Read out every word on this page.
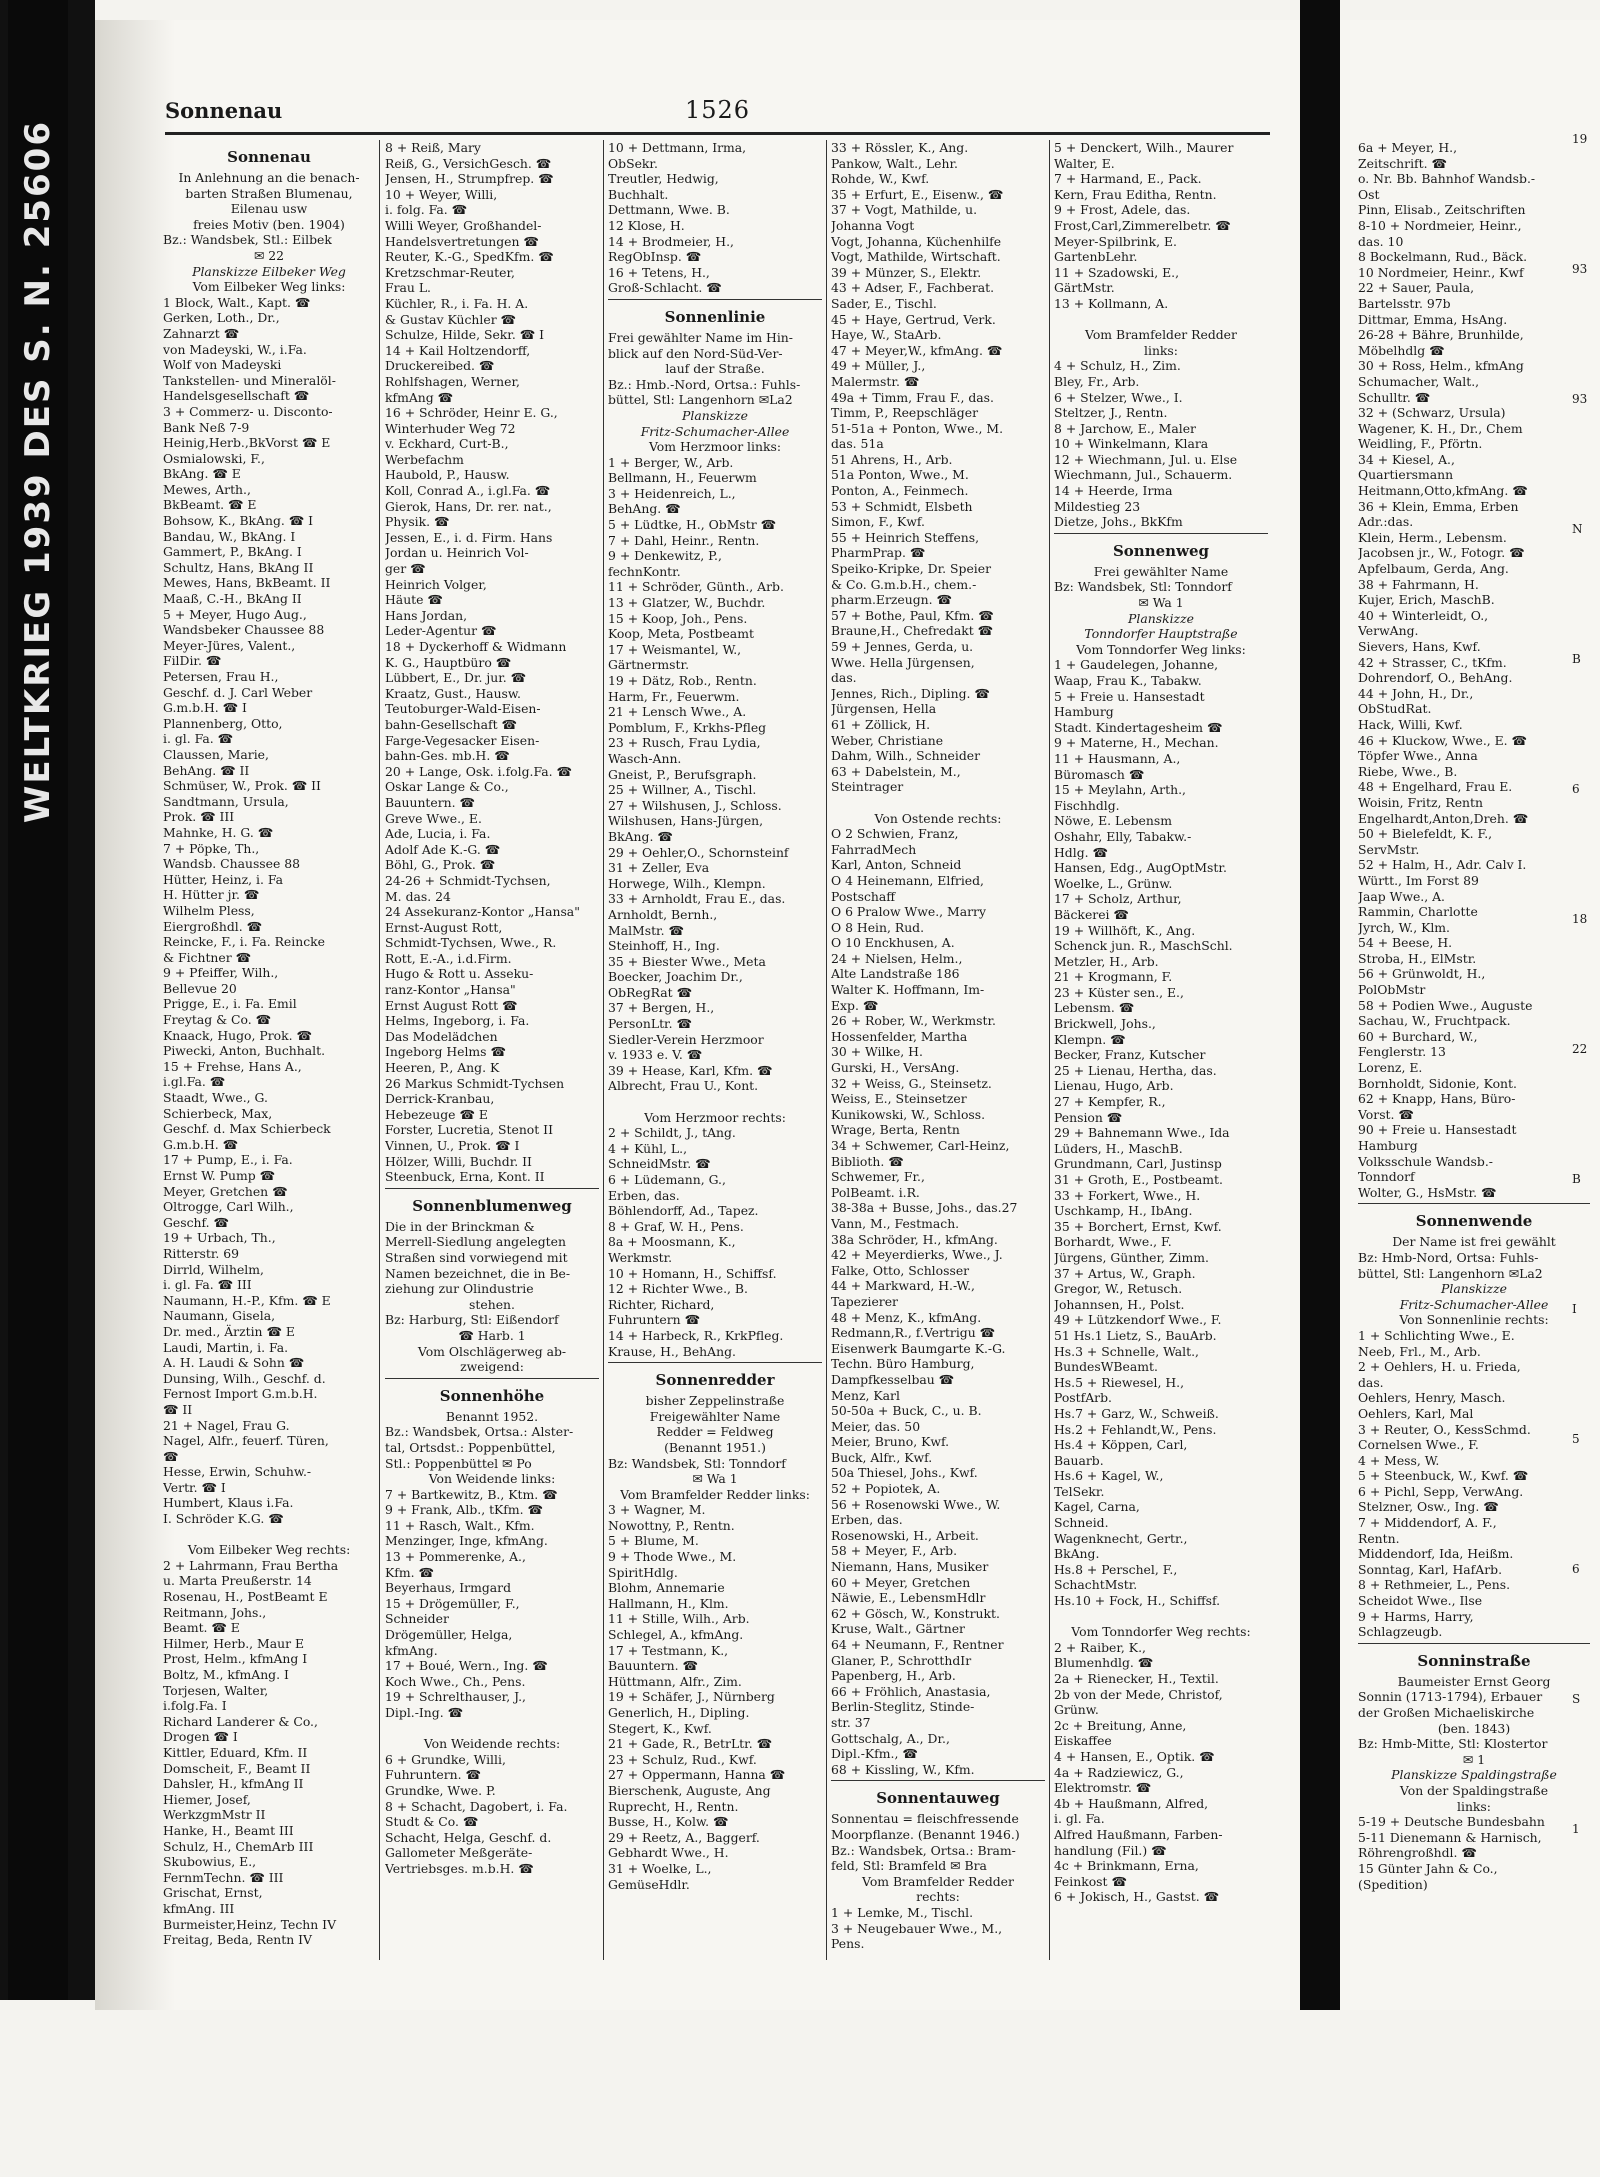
WELTKRIEG 1939 DES S. N. 25606	19
93
93
N
B
6
18
22
B
I
5
6
S
1
Sonnenau	1526
Sonnenau
In Anlehnung an die benach-
barten Straßen Blumenau,
Eilenau usw
freies Motiv (ben. 1904)
Bz.: Wandsbek, Stl.: Eilbek
✉ 22
Planskizze Eilbeker Weg
Vom Eilbeker Weg links:
1 Block, Walt., Kapt. ☎
Gerken, Loth., Dr.,
Zahnarzt ☎
von Madeyski, W., i.Fa.
Wolf von Madeyski
Tankstellen- und Mineralöl-
Handelsgesellschaft ☎
3 + Commerz- u. Disconto-
Bank Neß 7-9
Heinig,Herb.,BkVorst ☎ E
Osmialowski, F.,
BkAng. ☎ E
Mewes, Arth.,
BkBeamt. ☎ E
Bohsow, K., BkAng. ☎ I
Bandau, W., BkAng. I
Gammert, P., BkAng. I
Schultz, Hans, BkAng II
Mewes, Hans, BkBeamt. II
Maaß, C.-H., BkAng II
5 + Meyer, Hugo Aug.,
Wandsbeker Chaussee 88
Meyer-Jüres, Valent.,
FilDir. ☎
Petersen, Frau H.,
Geschf. d. J. Carl Weber
G.m.b.H. ☎ I
Plannenberg, Otto,
i. gl. Fa. ☎
Claussen, Marie,
BehAng. ☎ II
Schmüser, W., Prok. ☎ II
Sandtmann, Ursula,
Prok. ☎ III
Mahnke, H. G. ☎
7 + Pöpke, Th.,
Wandsb. Chaussee 88
Hütter, Heinz, i. Fa
H. Hütter jr. ☎
Wilhelm Pless,
Eiergroßhdl. ☎
Reincke, F., i. Fa. Reincke
& Fichtner ☎
9 + Pfeiffer, Wilh.,
Bellevue 20
Prigge, E., i. Fa. Emil
Freytag & Co. ☎
Knaack, Hugo, Prok. ☎
Piwecki, Anton, Buchhalt.
15 + Frehse, Hans A.,
i.gl.Fa. ☎
Staadt, Wwe., G.
Schierbeck, Max,
Geschf. d. Max Schierbeck
G.m.b.H. ☎
17 + Pump, E., i. Fa.
Ernst W. Pump ☎
Meyer, Gretchen ☎
Oltrogge, Carl Wilh.,
Geschf. ☎
19 + Urbach, Th.,
Ritterstr. 69
Dirrld, Wilhelm,
i. gl. Fa. ☎ III
Naumann, H.-P., Kfm. ☎ E
Naumann, Gisela,
Dr. med., Ärztin ☎ E
Laudi, Martin, i. Fa.
A. H. Laudi & Sohn ☎
Dunsing, Wilh., Geschf. d.
Fernost Import G.m.b.H.
☎ II
21 + Nagel, Frau G.
Nagel, Alfr., feuerf. Türen,
☎
Hesse, Erwin, Schuhw.-
Vertr. ☎ I
Humbert, Klaus i.Fa.
I. Schröder K.G. ☎

Vom Eilbeker Weg rechts:
2 + Lahrmann, Frau Bertha
u. Marta Preußerstr. 14
Rosenau, H., PostBeamt E
Reitmann, Johs.,
Beamt. ☎ E
Hilmer, Herb., Maur E
Prost, Helm., kfmAng I
Boltz, M., kfmAng. I
Torjesen, Walter,
i.folg.Fa. I
Richard Landerer & Co.,
Drogen ☎ I
Kittler, Eduard, Kfm. II
Domscheit, F., Beamt II
Dahsler, H., kfmAng II
Hiemer, Josef,
WerkzgmMstr II
Hanke, H., Beamt III
Schulz, H., ChemArb III
Skubowius, E.,
FernmTechn. ☎ III
Grischat, Ernst,
kfmAng. III
Burmeister,Heinz, Techn IV
Freitag, Beda, Rentn IV
8 + Reiß, Mary
Reiß, G., VersichGesch. ☎
Jensen, H., Strumpfrep. ☎
10 + Weyer, Willi,
i. folg. Fa. ☎
Willi Weyer, Großhandel-
Handelsvertretungen ☎
Reuter, K.-G., SpedKfm. ☎
Kretzschmar-Reuter,
Frau L.
Küchler, R., i. Fa. H. A.
& Gustav Küchler ☎
Schulze, Hilde, Sekr. ☎ I
14 + Kail Holtzendorff,
Druckereibed. ☎
Rohlfshagen, Werner,
kfmAng ☎
16 + Schröder, Heinr E. G.,
Winterhuder Weg 72
v. Eckhard, Curt-B.,
Werbefachm
Haubold, P., Hausw.
Koll, Conrad A., i.gl.Fa. ☎
Gierok, Hans, Dr. rer. nat.,
Physik. ☎
Jessen, E., i. d. Firm. Hans
Jordan u. Heinrich Vol-
ger ☎
Heinrich Volger,
Häute ☎
Hans Jordan,
Leder-Agentur ☎
18 + Dyckerhoff & Widmann
K. G., Hauptbüro ☎
Lübbert, E., Dr. jur. ☎
Kraatz, Gust., Hausw.
Teutoburger-Wald-Eisen-
bahn-Gesellschaft ☎
Farge-Vegesacker Eisen-
bahn-Ges. mb.H. ☎
20 + Lange, Osk. i.folg.Fa. ☎
Oskar Lange & Co.,
Bauuntern. ☎
Greve Wwe., E.
Ade, Lucia, i. Fa.
Adolf Ade K.-G. ☎
Böhl, G., Prok. ☎
24-26 + Schmidt-Tychsen,
M. das. 24
24 Assekuranz-Kontor „Hansa"
Ernst-August Rott,
Schmidt-Tychsen, Wwe., R.
Rott, E.-A., i.d.Firm.
Hugo & Rott u. Asseku-
ranz-Kontor „Hansa"
Ernst August Rott ☎
Helms, Ingeborg, i. Fa.
Das Modelädchen
Ingeborg Helms ☎
Heeren, P., Ang. K
26 Markus Schmidt-Tychsen
Derrick-Kranbau,
Hebezeuge ☎ E
Forster, Lucretia, Stenot II
Vinnen, U., Prok. ☎ I
Hölzer, Willi, Buchdr. II
Steenbuck, Erna, Kont. II
Sonnenblumenweg
Die in der Brinckman &
Merrell-Siedlung angelegten
Straßen sind vorwiegend mit
Namen bezeichnet, die in Be-
ziehung zur Olindustrie
stehen.
Bz: Harburg, Stl: Eißendorf
☎ Harb. 1
Vom Olschlägerweg ab-
zweigend:
Sonnenhöhe
Benannt 1952.
Bz.: Wandsbek, Ortsa.: Alster-
tal, Ortsdst.: Poppenbüttel,
Stl.: Poppenbüttel ✉ Po
Von Weidende links:
7 + Bartkewitz, B., Ktm. ☎
9 + Frank, Alb., tKfm. ☎
11 + Rasch, Walt., Kfm.
Menzinger, Inge, kfmAng.
13 + Pommerenke, A.,
Kfm. ☎
Beyerhaus, Irmgard
15 + Drögemüller, F.,
Schneider
Drögemüller, Helga,
kfmAng.
17 + Boué, Wern., Ing. ☎
Koch Wwe., Ch., Pens.
19 + Schrelthauser, J.,
Dipl.-Ing. ☎

Von Weidende rechts:
6 + Grundke, Willi,
Fuhruntern. ☎
Grundke, Wwe. P.
8 + Schacht, Dagobert, i. Fa.
Studt & Co. ☎
Schacht, Helga, Geschf. d.
Gallometer Meßgeräte-
Vertriebsges. m.b.H. ☎
10 + Dettmann, Irma,
ObSekr.
Treutler, Hedwig,
Buchhalt.
Dettmann, Wwe. B.
12 Klose, H.
14 + Brodmeier, H.,
RegObInsp. ☎
16 + Tetens, H.,
Groß-Schlacht. ☎
Sonnenlinie
Frei gewählter Name im Hin-
blick auf den Nord-Süd-Ver-
lauf der Straße.
Bz.: Hmb.-Nord, Ortsa.: Fuhls-
büttel, Stl: Langenhorn ✉La2
Planskizze
Fritz-Schumacher-Allee
Vom Herzmoor links:
1 + Berger, W., Arb.
Bellmann, H., Feuerwm
3 + Heidenreich, L.,
BehAng. ☎
5 + Lüdtke, H., ObMstr ☎
7 + Dahl, Heinr., Rentn.
9 + Denkewitz, P.,
fechnKontr.
11 + Schröder, Günth., Arb.
13 + Glatzer, W., Buchdr.
15 + Koop, Joh., Pens.
Koop, Meta, Postbeamt
17 + Weismantel, W.,
Gärtnermstr.
19 + Dätz, Rob., Rentn.
Harm, Fr., Feuerwm.
21 + Lensch Wwe., A.
Pomblum, F., Krkhs-Pfleg
23 + Rusch, Frau Lydia,
Wasch-Ann.
Gneist, P., Berufsgraph.
25 + Willner, A., Tischl.
27 + Wilshusen, J., Schloss.
Wilshusen, Hans-Jürgen,
BkAng. ☎
29 + Oehler,O., Schornsteinf
31 + Zeller, Eva
Horwege, Wilh., Klempn.
33 + Arnholdt, Frau E., das.
Arnholdt, Bernh.,
MalMstr. ☎
Steinhoff, H., Ing.
35 + Biester Wwe., Meta
Boecker, Joachim Dr.,
ObRegRat ☎
37 + Bergen, H.,
PersonLtr. ☎
Siedler-Verein Herzmoor
v. 1933 e. V. ☎
39 + Hease, Karl, Kfm. ☎
Albrecht, Frau U., Kont.

Vom Herzmoor rechts:
2 + Schildt, J., tAng.
4 + Kühl, L.,
SchneidMstr. ☎
6 + Lüdemann, G.,
Erben, das.
Böhlendorff, Ad., Tapez.
8 + Graf, W. H., Pens.
8a + Moosmann, K.,
Werkmstr.
10 + Homann, H., Schiffsf.
12 + Richter Wwe., B.
Richter, Richard,
Fuhruntern ☎
14 + Harbeck, R., KrkPfleg.
Krause, H., BehAng.
Sonnenredder
bisher Zeppelinstraße
Freigewählter Name
Redder = Feldweg
(Benannt 1951.)
Bz: Wandsbek, Stl: Tonndorf
✉ Wa 1
Vom Bramfelder Redder links:
3 + Wagner, M.
Nowottny, P., Rentn.
5 + Blume, M.
9 + Thode Wwe., M.
SpiritHdlg.
Blohm, Annemarie
Hallmann, H., Klm.
11 + Stille, Wilh., Arb.
Schlegel, A., kfmAng.
17 + Testmann, K.,
Bauuntern. ☎
Hüttmann, Alfr., Zim.
19 + Schäfer, J., Nürnberg
Generlich, H., Dipling.
Stegert, K., Kwf.
21 + Gade, R., BetrLtr. ☎
23 + Schulz, Rud., Kwf.
27 + Oppermann, Hanna ☎
Bierschenk, Auguste, Ang
Ruprecht, H., Rentn.
Busse, H., Kolw. ☎
29 + Reetz, A., Baggerf.
Gebhardt Wwe., H.
31 + Woelke, L.,
GemüseHdlr.
33 + Rössler, K., Ang.
Pankow, Walt., Lehr.
Rohde, W., Kwf.
35 + Erfurt, E., Eisenw., ☎
37 + Vogt, Mathilde, u.
Johanna Vogt
Vogt, Johanna, Küchenhilfe
Vogt, Mathilde, Wirtschaft.
39 + Münzer, S., Elektr.
43 + Adser, F., Fachberat.
Sader, E., Tischl.
45 + Haye, Gertrud, Verk.
Haye, W., StaArb.
47 + Meyer,W., kfmAng. ☎
49 + Müller, J.,
Malermstr. ☎
49a + Timm, Frau F., das.
Timm, P., Reepschläger
51-51a + Ponton, Wwe., M.
das. 51a
51 Ahrens, H., Arb.
51a Ponton, Wwe., M.
Ponton, A., Feinmech.
53 + Schmidt, Elsbeth
Simon, F., Kwf.
55 + Heinrich Steffens,
PharmPrap. ☎
Speiko-Kripke, Dr. Speier
& Co. G.m.b.H., chem.-
pharm.Erzeugn. ☎
57 + Bothe, Paul, Kfm. ☎
Braune,H., Chefredakt ☎
59 + Jennes, Gerda, u.
Wwe. Hella Jürgensen,
das.
Jennes, Rich., Dipling. ☎
Jürgensen, Hella
61 + Zöllick, H.
Weber, Christiane
Dahm, Wilh., Schneider
63 + Dabelstein, M.,
Steintrager

Von Ostende rechts:
O 2 Schwien, Franz,
FahrradMech
Karl, Anton, Schneid
O 4 Heinemann, Elfried,
Postschaff
O 6 Pralow Wwe., Marry
O 8 Hein, Rud.
O 10 Enckhusen, A.
24 + Nielsen, Helm.,
Alte Landstraße 186
Walter K. Hoffmann, Im-
Exp. ☎
26 + Rober, W., Werkmstr.
Hossenfelder, Martha
30 + Wilke, H.
Gurski, H., VersAng.
32 + Weiss, G., Steinsetz.
Weiss, E., Steinsetzer
Kunikowski, W., Schloss.
Wrage, Berta, Rentn
34 + Schwemer, Carl-Heinz,
Biblioth. ☎
Schwemer, Fr.,
PolBeamt. i.R.
38-38a + Busse, Johs., das.27
Vann, M., Festmach.
38a Schröder, H., kfmAng.
42 + Meyerdierks, Wwe., J.
Falke, Otto, Schlosser
44 + Markward, H.-W.,
Tapezierer
48 + Menz, K., kfmAng.
Redmann,R., f.Vertrigu ☎
Eisenwerk Baumgarte K.-G.
Techn. Büro Hamburg,
Dampfkesselbau ☎
Menz, Karl
50-50a + Buck, C., u. B.
Meier, das. 50
Meier, Bruno, Kwf.
Buck, Alfr., Kwf.
50a Thiesel, Johs., Kwf.
52 + Popiotek, A.
56 + Rosenowski Wwe., W.
Erben, das.
Rosenowski, H., Arbeit.
58 + Meyer, F., Arb.
Niemann, Hans, Musiker
60 + Meyer, Gretchen
Näwie, E., LebensmHdlr
62 + Gösch, W., Konstrukt.
Kruse, Walt., Gärtner
64 + Neumann, F., Rentner
Glaner, P., SchrotthdIr
Papenberg, H., Arb.
66 + Fröhlich, Anastasia,
Berlin-Steglitz, Stinde-
str. 37
Gottschalg, A., Dr.,
Dipl.-Kfm., ☎
68 + Kissling, W., Kfm.
Sonnentauweg
Sonnentau = fleischfressende
Moorpflanze. (Benannt 1946.)
Bz.: Wandsbek, Ortsa.: Bram-
feld, Stl: Bramfeld ✉ Bra
Vom Bramfelder Redder
rechts:
1 + Lemke, M., Tischl.
3 + Neugebauer Wwe., M.,
Pens.
5 + Denckert, Wilh., Maurer
Walter, E.
7 + Harmand, E., Pack.
Kern, Frau Editha, Rentn.
9 + Frost, Adele, das.
Frost,Carl,Zimmerelbetr. ☎
Meyer-Spilbrink, E.
GartenbLehr.
11 + Szadowski, E.,
GärtMstr.
13 + Kollmann, A.

Vom Bramfelder Redder
links:
4 + Schulz, H., Zim.
Bley, Fr., Arb.
6 + Stelzer, Wwe., I.
Steltzer, J., Rentn.
8 + Jarchow, E., Maler
10 + Winkelmann, Klara
12 + Wiechmann, Jul. u. Else
Wiechmann, Jul., Schauerm.
14 + Heerde, Irma
Mildestieg 23
Dietze, Johs., BkKfm
Sonnenweg
Frei gewählter Name
Bz: Wandsbek, Stl: Tonndorf
✉ Wa 1
Planskizze
Tonndorfer Hauptstraße
Vom Tonndorfer Weg links:
1 + Gaudelegen, Johanne,
Waap, Frau K., Tabakw.
5 + Freie u. Hansestadt
Hamburg
Stadt. Kindertagesheim ☎
9 + Materne, H., Mechan.
11 + Hausmann, A.,
Büromasch ☎
15 + Meylahn, Arth.,
Fischhdlg.
Nöwe, E. Lebensm
Oshahr, Elly, Tabakw.-
Hdlg. ☎
Hansen, Edg., AugOptMstr.
Woelke, L., Grünw.
17 + Scholz, Arthur,
Bäckerei ☎
19 + Willhöft, K., Ang.
Schenck jun. R., MaschSchl.
Metzler, H., Arb.
21 + Krogmann, F.
23 + Küster sen., E.,
Lebensm. ☎
Brickwell, Johs.,
Klempn. ☎
Becker, Franz, Kutscher
25 + Lienau, Hertha, das.
Lienau, Hugo, Arb.
27 + Kempfer, R.,
Pension ☎
29 + Bahnemann Wwe., Ida
Lüders, H., MaschB.
Grundmann, Carl, Justinsp
31 + Groth, E., Postbeamt.
33 + Forkert, Wwe., H.
Uschkamp, H., IbAng.
35 + Borchert, Ernst, Kwf.
Borhardt, Wwe., F.
Jürgens, Günther, Zimm.
37 + Artus, W., Graph.
Gregor, W., Retusch.
Johannsen, H., Polst.
49 + Lützkendorf Wwe., F.
51 Hs.1 Lietz, S., BauArb.
Hs.3 + Schnelle, Walt.,
BundesWBeamt.
Hs.5 + Riewesel, H.,
PostfArb.
Hs.7 + Garz, W., Schweiß.
Hs.2 + Fehlandt,W., Pens.
Hs.4 + Köppen, Carl,
Bauarb.
Hs.6 + Kagel, W.,
TelSekr.
Kagel, Carna,
Schneid.
Wagenknecht, Gertr.,
BkAng.
Hs.8 + Perschel, F.,
SchachtMstr.
Hs.10 + Fock, H., Schiffsf.

Vom Tonndorfer Weg rechts:
2 + Raiber, K.,
Blumenhdlg. ☎
2a + Rienecker, H., Textil.
2b von der Mede, Christof,
Grünw.
2c + Breitung, Anne,
Eiskaffee
4 + Hansen, E., Optik. ☎
4a + Radziewicz, G.,
Elektromstr. ☎
4b + Haußmann, Alfred,
i. gl. Fa.
Alfred Haußmann, Farben-
handlung (Fil.) ☎
4c + Brinkmann, Erna,
Feinkost ☎
6 + Jokisch, H., Gastst. ☎
6a + Meyer, H.,
Zeitschrift. ☎
o. Nr. Bb. Bahnhof Wandsb.-
Ost
Pinn, Elisab., Zeitschriften
8-10 + Nordmeier, Heinr.,
das. 10
8 Bockelmann, Rud., Bäck.
10 Nordmeier, Heinr., Kwf
22 + Sauer, Paula,
Bartelsstr. 97b
Dittmar, Emma, HsAng.
26-28 + Bähre, Brunhilde,
Möbelhdlg ☎
30 + Ross, Helm., kfmAng
Schumacher, Walt.,
Schulltr. ☎
32 + (Schwarz, Ursula)
Wagener, K. H., Dr., Chem
Weidling, F., Pförtn.
34 + Kiesel, A.,
Quartiersmann
Heitmann,Otto,kfmAng. ☎
36 + Klein, Emma, Erben
Adr.:das.
Klein, Herm., Lebensm.
Jacobsen jr., W., Fotogr. ☎
Apfelbaum, Gerda, Ang.
38 + Fahrmann, H.
Kujer, Erich, MaschB.
40 + Winterleidt, O.,
VerwAng.
Sievers, Hans, Kwf.
42 + Strasser, C., tKfm.
Dohrendorf, O., BehAng.
44 + John, H., Dr.,
ObStudRat.
Hack, Willi, Kwf.
46 + Kluckow, Wwe., E. ☎
Töpfer Wwe., Anna
Riebe, Wwe., B.
48 + Engelhard, Frau E.
Woisin, Fritz, Rentn
Engelhardt,Anton,Dreh. ☎
50 + Bielefeldt, K. F.,
ServMstr.
52 + Halm, H., Adr. Calv I.
Württ., Im Forst 89
Jaap Wwe., A.
Rammin, Charlotte
Jyrch, W., Klm.
54 + Beese, H.
Stroba, H., ElMstr.
56 + Grünwoldt, H.,
PolObMstr
58 + Podien Wwe., Auguste
Sachau, W., Fruchtpack.
60 + Burchard, W.,
Fenglerstr. 13
Lorenz, E.
Bornholdt, Sidonie, Kont.
62 + Knapp, Hans, Büro-
Vorst. ☎
90 + Freie u. Hansestadt
Hamburg
Volksschule Wandsb.-
Tonndorf
Wolter, G., HsMstr. ☎
Sonnenwende
Der Name ist frei gewählt
Bz: Hmb-Nord, Ortsa: Fuhls-
büttel, Stl: Langenhorn ✉La2
Planskizze
Fritz-Schumacher-Allee
Von Sonnenlinie rechts:
1 + Schlichting Wwe., E.
Neeb, Frl., M., Arb.
2 + Oehlers, H. u. Frieda,
das.
Oehlers, Henry, Masch.
Oehlers, Karl, Mal
3 + Reuter, O., KessSchmd.
Cornelsen Wwe., F.
4 + Mess, W.
5 + Steenbuck, W., Kwf. ☎
6 + Pichl, Sepp, VerwAng.
Stelzner, Osw., Ing. ☎
7 + Middendorf, A. F.,
Rentn.
Middendorf, Ida, Heißm.
Sonntag, Karl, HafArb.
8 + Rethmeier, L., Pens.
Scheidot Wwe., Ilse
9 + Harms, Harry,
Schlagzeugb.
Sonninstraße
Baumeister Ernst Georg
Sonnin (1713-1794), Erbauer
der Großen Michaeliskirche
(ben. 1843)
Bz: Hmb-Mitte, Stl: Klostertor
✉ 1
Planskizze Spaldingstraße
Von der Spaldingstraße
links:
5-19 + Deutsche Bundesbahn
5-11 Dienemann & Harnisch,
Röhrengroßhdl. ☎
15 Günter Jahn & Co.,
(Spedition)
